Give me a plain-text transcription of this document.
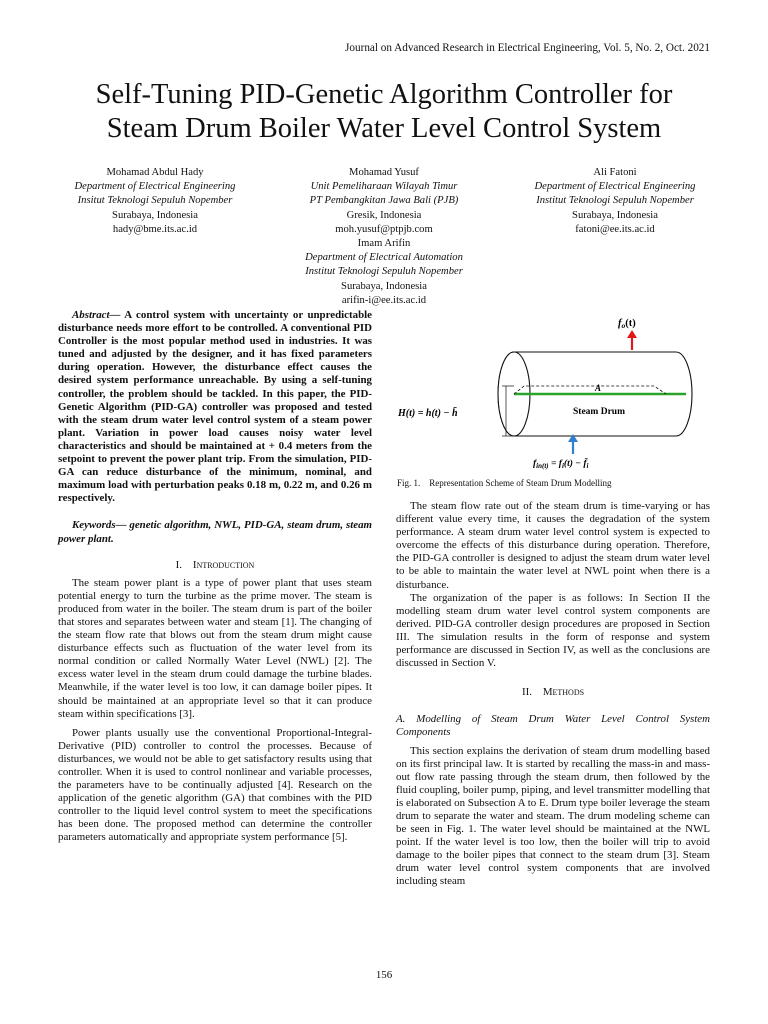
Journal on Advanced Research in Electrical Engineering, Vol. 5, No. 2, Oct. 2021
Self-Tuning PID-Genetic Algorithm Controller for
Steam Drum Boiler Water Level Control System
Mohamad Abdul Hady
Department of Electrical Engineering
Insitut Teknologi Sepuluh Nopember
Surabaya, Indonesia
hady@bme.its.ac.id
Mohamad Yusuf
Unit Pemeliharaan Wilayah Timur
PT Pembangkitan Jawa Bali (PJB)
Gresik, Indonesia
moh.yusuf@ptpjb.com
Ali Fatoni
Department of Electrical Engineering
Institut Teknologi Sepuluh Nopember
Surabaya, Indonesia
fatoni@ee.its.ac.id
Imam Arifin
Department of Electrical Automation
Institut Teknologi Sepuluh Nopember
Surabaya, Indonesia
arifin-i@ee.its.ac.id

Abstract— A control system with uncertainty or unpredictable disturbance needs more effort to be controlled. A conventional PID Controller is the most popular method used in industries. It was tuned and adjusted by the designer, and it has fixed parameters during operation. However, the disturbance effect causes the desired system performance unreachable. By using a self-tuning controller, the problem should be tackled. In this paper, the PID-Genetic Algorithm (PID-GA) controller was proposed and tested with the steam drum water level control system of a steam power plant. Variation in power load causes noisy water level characteristics and should be maintained at + 0.4 meters from the setpoint to prevent the power plant trip. From the simulation, PID-GA can reduce disturbance of the minimum, nominal, and maximum load with perturbation peaks 0.18 m, 0.22 m, and 0.26 m respectively.

Keywords— genetic algorithm, NWL, PID-GA, steam drum, steam power plant.

I.  Introduction

The steam power plant is a type of power plant that uses steam potential energy to turn the turbine as the prime mover. The steam is produced from water in the boiler. The steam drum is part of the boiler that stores and separates between water and steam [1]. The changing of the steam flow rate that blows out from the steam drum might cause disturbance effects such as fluctuation of the water level from its normal condition or called Normally Water Level (NWL) [2]. The excess water level in the steam drum could damage the turbine blades. Meanwhile, if the water level is too low, it can damage boiler pipes. It should be maintained at an appropriate level so that it can produce steam within specifications [3].

Power plants usually use the conventional Proportional-Integral-Derivative (PID) controller to control the processes. Because of disturbances, we would not be able to get satisfactory results using that controller. When it is used to control nonlinear and variable processes, the parameters have to be continually adjusted [4]. Research on the application of the genetic algorithm (GA) that combines with the PID controller to the liquid level control system to meet the specifications has been done. The proposed method can determine the controller parameters automatically and appropriate system performance [5].

fo(t)
A
Steam Drum
H(t) = h(t) − h̄
$f_{in(t)} = f_i(t)$ − $f̄_i$
Fig. 1. Representation Scheme of Steam Drum Modelling

The steam flow rate out of the steam drum is time-varying or has different value every time, it causes the degradation of the system performance. A steam drum water level control system is expected to overcome the effects of this disturbance during operation. Therefore, the PID-GA controller is designed to adjust the steam drum water level to be able to maintain the water level at NWL point when there is a disturbance.

The organization of the paper is as follows: In Section II the modelling steam drum water level control system components are derived. PID-GA controller design procedures are proposed in Section III. The simulation results in the form of response and system performance are discussed in Section IV, as well as the conclusions are discussed in Section V.

II.  Methods
A. Modelling of Steam Drum Water Level Control System Components

This section explains the derivation of steam drum modelling based on its first principal law. It is started by recalling the mass-in and mass-out flow rate passing through the steam drum, then followed by the fluid coupling, boiler pump, piping, and level transmitter modelling that is elaborated on Subsection A to E. Drum type boiler leverage the steam drum to separate the water and steam. The drum modeling scheme can be seen in Fig. 1. The water level should be maintained at the NWL point. If the water level is too low, then the boiler will trip to avoid damage to the boiler pipes that connect to the steam drum [3]. Steam drum water level control system components that are involved including steam

156
